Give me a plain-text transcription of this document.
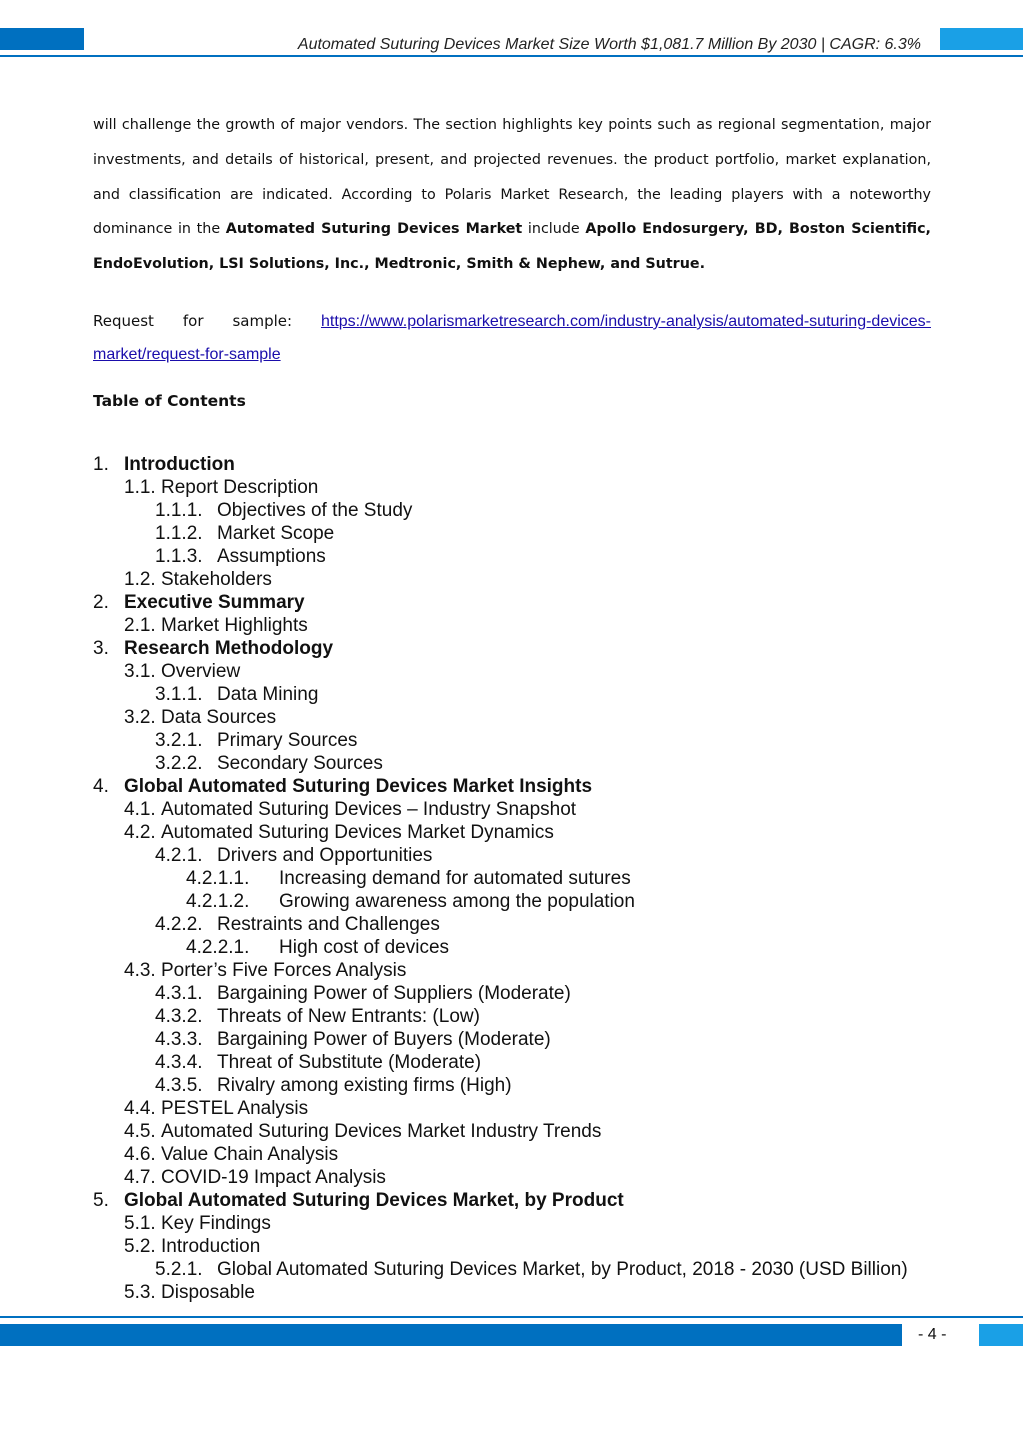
Automated Suturing Devices Market Size Worth $1,081.7 Million By 2030 | CAGR: 6.3%

will challenge the growth of major vendors. The section highlights key points such as regional segmentation, major investments, and details of historical, present, and projected revenues. the product portfolio, market explanation, and classification are indicated. According to Polaris Market Research, the leading players with a noteworthy dominance in the Automated Suturing Devices Market include Apollo Endosurgery, BD, Boston Scientific, EndoEvolution, LSI Solutions, Inc., Medtronic, Smith & Nephew, and Sutrue.

Request for sample: https://www.polarismarketresearch.com/industry-analysis/automated-suturing-devices-market/request-for-sample

Table of Contents
1. Introduction
1.1. Report Description
1.1.1. Objectives of the Study
1.1.2. Market Scope
1.1.3. Assumptions
1.2. Stakeholders
2. Executive Summary
2.1. Market Highlights
3. Research Methodology
3.1. Overview
3.1.1. Data Mining
3.2. Data Sources
3.2.1. Primary Sources
3.2.2. Secondary Sources
4. Global Automated Suturing Devices Market Insights
4.1. Automated Suturing Devices – Industry Snapshot
4.2. Automated Suturing Devices Market Dynamics
4.2.1. Drivers and Opportunities
4.2.1.1. Increasing demand for automated sutures
4.2.1.2. Growing awareness among the population
4.2.2. Restraints and Challenges
4.2.2.1. High cost of devices
4.3. Porter’s Five Forces Analysis
4.3.1. Bargaining Power of Suppliers (Moderate)
4.3.2. Threats of New Entrants: (Low)
4.3.3. Bargaining Power of Buyers (Moderate)
4.3.4. Threat of Substitute (Moderate)
4.3.5. Rivalry among existing firms (High)
4.4. PESTEL Analysis
4.5. Automated Suturing Devices Market Industry Trends
4.6. Value Chain Analysis
4.7. COVID-19 Impact Analysis
5. Global Automated Suturing Devices Market, by Product
5.1. Key Findings
5.2. Introduction
5.2.1. Global Automated Suturing Devices Market, by Product, 2018 - 2030 (USD Billion)
5.3. Disposable
- 4 -
